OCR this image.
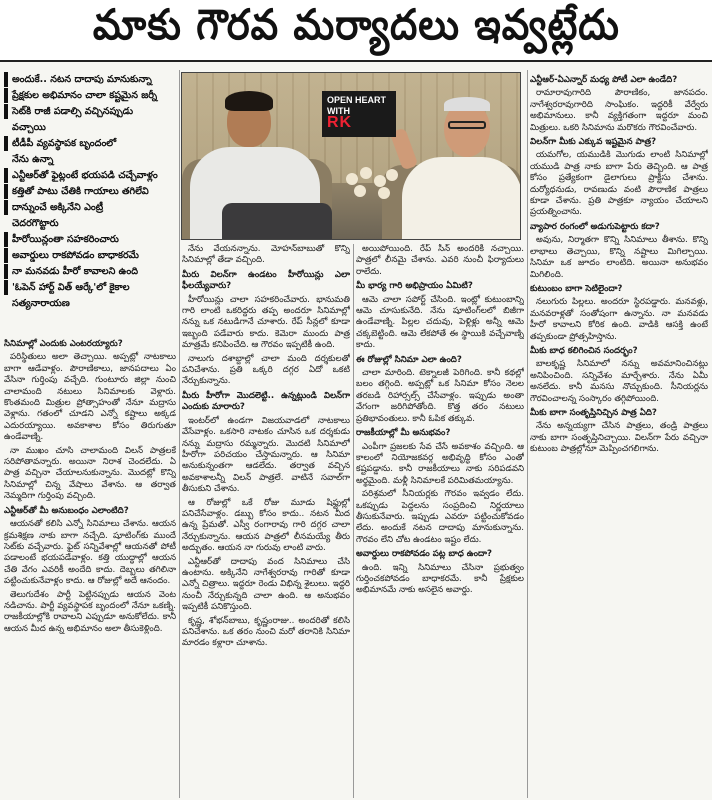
మాకు గౌరవ మర్యాదలు ఇవ్వట్లేదు
అందుకే.. నటన దాదాపు మానుకున్నా
ప్రేక్షకుల అభిమానం చాలా కష్టమైన జర్నీ
సెట్‌కి రాజీ పడాల్సి వచ్చినప్పుడు
వచ్చాయి
టీడీపీ వ్యవస్థాపక బృందంలో
నేను ఉన్నా
ఎన్టీఆర్‌తో ఫైట్లంటే భయపడి చచ్చేవాళ్లం
కత్తితో పాటు చేతికి గాయాలు తగిలేవి
దాన్నుంచే అక్కినేని ఎంట్రీ
చెదరగొట్టారు
హీరోయిన్లంతా సహకరించారు
అవార్డులు రాకపోవడం బాధాకరమే
నా మనవడు హీరో కావాలని ఉంది
'ఓపెన్ హార్ట్ విత్ ఆర్కే'లో కైకాల
సత్యనారాయణ
OPEN HEART
WITH
RK

సినిమాల్లో ఎందుకు ఎంటరయ్యారు?

పరిస్థితులు అలా తెచ్చాయి. అప్పట్లో నాటకాలు బాగా ఆడేవాళ్లం. పౌరాణికాలు, జానపదాలు ఏం వేసినా గుర్తింపు వచ్చేది. గుంటూరు జిల్లా నుంచి చాలామంది నటులు సినిమాలకు వెళ్లారు. కొంతమంది మిత్రుల ప్రోత్సాహంతో నేనూ మద్రాసు వెళ్లాను. గతంలో చూడని ఎన్నో కష్టాలు అక్కడ ఎదురయ్యాయి. అవకాశాల కోసం తిరుగుతూ ఉండేవాణ్ని.

నా ముఖం చూసి చాలామంది విలన్ పాత్రలకే సరిపోతావన్నారు. అయినా నిరాశ చెందలేదు. ఏ పాత్ర వచ్చినా చేయాలనుకున్నాను. మొదట్లో కొన్ని సినిమాల్లో చిన్న వేషాలు వేశాను. ఆ తర్వాత నెమ్మదిగా గుర్తింపు వచ్చింది.

ఎన్టీఆర్‌తో మీ అనుబంధం ఎలాంటిది?

ఆయనతో కలిసి ఎన్నో సినిమాలు చేశాను. ఆయన క్రమశిక్షణ నాకు బాగా నచ్చేది. షూటింగ్‌కు ముందే సెట్‌కు వచ్చేవారు. ఫైట్ సన్నివేశాల్లో ఆయనతో పోటీ పడాలంటే భయపడేవాళ్లం. కత్తి యుద్ధాల్లో ఆయన చేతి వేగం ఎవరికీ అందేది కాదు. దెబ్బలు తగిలినా పట్టించుకునేవాళ్లం కాదు. ఆ రోజుల్లో అదే ఆనందం.

తెలుగుదేశం పార్టీ పెట్టినప్పుడు ఆయన వెంట నడిచాను. పార్టీ వ్యవస్థాపక బృందంలో నేనూ ఒకణ్ని. రాజకీయాల్లోకి రావాలని ఎప్పుడూ అనుకోలేదు. కానీ ఆయన మీద ఉన్న అభిమానం అలా తీసుకెళ్లింది.

నేను వేయనన్నాను. మోహన్‌బాబుతో కొన్ని సినిమాల్లో తేడా వచ్చింది.

మీరు విలన్‌గా ఉండటం హీరోయిన్లు ఎలా ఫీలయ్యేవారు?

హీరోయిన్లు చాలా సహకరించేవారు. భానుమతి గారి లాంటి ఒకరిద్దరు తప్ప అందరూ సినిమాల్లో నన్ను ఒక నటుడిగానే చూశారు. రేప్ సీన్లలో కూడా ఇబ్బంది పడేవారు కాదు. కెమెరా ముందు పాత్ర మాత్రమే కనిపించేది. ఆ గౌరవం ఇప్పటికీ ఉంది.

నాలుగు దశాబ్దాల్లో చాలా మంది దర్శకులతో పనిచేశాను. ప్రతి ఒక్కరి దగ్గర ఏదో ఒకటి నేర్చుకున్నాను.

మీరు హీరోగా మొదలెట్టి.. ఉన్నట్లుండి విలన్‌గా ఎందుకు మారారు?

ఇంటర్‌లో ఉండగా విజయవాడలో నాటకాలు వేసేవాళ్లం. ఒకసారి నాటకం చూసిన ఒక దర్శకుడు నన్ను మద్రాసు రమ్మన్నారు. మొదటి సినిమాలో హీరోగా పరిచయం చేస్తామన్నారు. ఆ సినిమా అనుకున్నంతగా ఆడలేదు. తర్వాత వచ్చిన అవకాశాలన్నీ విలన్ పాత్రలే. వాటినే సవాల్‌గా తీసుకుని చేశాను.

ఆ రోజుల్లో ఒకే రోజు మూడు షిఫ్టుల్లో పనిచేసేవాళ్లం. డబ్బు కోసం కాదు.. నటన మీద ఉన్న ప్రేమతో. ఎస్వీ రంగారావు గారి దగ్గర చాలా నేర్చుకున్నాను. ఆయన పాత్రలో లీనమయ్యే తీరు అద్భుతం. ఆయన నా గురువు లాంటి వారు.

ఎన్టీఆర్‌తో దాదాపు వంద సినిమాలు చేసి ఉంటాను. అక్కినేని నాగేశ్వరరావు గారితో కూడా ఎన్నో చిత్రాలు. ఇద్దరూ రెండు విభిన్న శైలులు. ఇద్దరి నుంచీ నేర్చుకున్నది చాలా ఉంది. ఆ అనుభవం ఇప్పటికీ పనికొస్తుంది.

కృష్ణ, శోభన్‌బాబు, కృష్ణంరాజు.. అందరితో కలిసి పనిచేశాను. ఒక తరం నుంచి మరో తరానికి సినిమా మారడం కళ్లారా చూశాను.

అయిపోయింది. రేప్ సీన్ అందరికీ నచ్చాయి. పాత్రలో లీనమై చేశాను. ఎవరి నుంచీ ఫిర్యాదులు రాలేదు.

మీ భార్య గారి అభిప్రాయం ఏమిటి?

ఆమె చాలా సపోర్ట్ చేసింది. ఇంట్లో కుటుంబాన్ని ఆమె చూసుకునేది. నేను షూటింగ్‌లలో బిజీగా ఉండేవాణ్ని. పిల్లల చదువు, పెళ్లిళ్లు అన్నీ ఆమె చక్కబెట్టింది. ఆమె లేకపోతే ఈ స్థాయికి వచ్చేవాణ్ని కాదు.

ఈ రోజుల్లో సినిమా ఎలా ఉంది?

చాలా మారింది. టెక్నాలజీ పెరిగింది. కానీ కథల్లో బలం తగ్గింది. అప్పట్లో ఒక సినిమా కోసం నెలల తరబడి రిహార్సల్స్ చేసేవాళ్లం. ఇప్పుడు అంతా వేగంగా జరిగిపోతోంది. కొత్త తరం నటులు ప్రతిభావంతులు. కానీ ఓపిక తక్కువ.

రాజకీయాల్లో మీ అనుభవం?

ఎంపీగా ప్రజలకు సేవ చేసే అవకాశం వచ్చింది. ఆ కాలంలో నియోజకవర్గ అభివృద్ధి కోసం ఎంతో కష్టపడ్డాను. కానీ రాజకీయాలు నాకు సరిపడవని అర్థమైంది. మళ్లీ సినిమాలకే పరిమితమయ్యాను.

పరిశ్రమలో సీనియర్లకు గౌరవం ఇవ్వడం లేదు. ఒకప్పుడు పెద్దలను సంప్రదించి నిర్ణయాలు తీసుకునేవారు. ఇప్పుడు ఎవరూ పట్టించుకోవడం లేదు. అందుకే నటన దాదాపు మానుకున్నాను. గౌరవం లేని చోట ఉండటం ఇష్టం లేదు.

అవార్డులు రాకపోవడం పట్ల బాధ ఉందా?

ఉంది. ఇన్ని సినిమాలు చేసినా ప్రభుత్వం గుర్తించకపోవడం బాధాకరమే. కానీ ప్రేక్షకుల అభిమానమే నాకు అసలైన అవార్డు.

ఎన్టీఆర్-ఏఎన్నార్ మధ్య పోటీ ఎలా ఉండేది?

రామారావుగారిది పౌరాణికం, జానపదం. నాగేశ్వరరావుగారిది సాంఘికం. ఇద్దరికీ వేర్వేరు అభిమానులు. కానీ వ్యక్తిగతంగా ఇద్దరూ మంచి మిత్రులు. ఒకరి సినిమాను మరొకరు గౌరవించేవారు.

విలన్‌గా మీకు ఎక్కువ ఇష్టమైన పాత్ర?

యమగోల, యముడికి మొగుడు లాంటి సినిమాల్లో యముడి పాత్ర నాకు బాగా పేరు తెచ్చింది. ఆ పాత్ర కోసం ప్రత్యేకంగా డైలాగులు ప్రాక్టీసు చేశాను. దుర్యోధనుడు, రావణుడు వంటి పౌరాణిక పాత్రలు కూడా చేశాను. ప్రతి పాత్రకూ న్యాయం చేయాలని ప్రయత్నించాను.

వ్యాపార రంగంలో అడుగుపెట్టారు కదా?

అవును, నిర్మాతగా కొన్ని సినిమాలు తీశాను. కొన్ని లాభాలు తెచ్చాయి, కొన్ని నష్టాలు మిగిల్చాయి. సినిమా ఒక జూదం లాంటిది. అయినా అనుభవం మిగిలింది.

కుటుంబం బాగా సెటిలైందా?

నలుగురు పిల్లలు. అందరూ స్థిరపడ్డారు. మనవళ్లు, మనవరాళ్లతో సంతోషంగా ఉన్నాను. నా మనవడు హీరో కావాలని కోరిక ఉంది. వాడికి ఆసక్తి ఉంటే తప్పకుండా ప్రోత్సహిస్తాను.

మీకు బాధ కలిగించిన సందర్భం?

బాలకృష్ణ సినిమాలో నన్ను అవమానించినట్లు అనిపించింది. సన్నివేశం మార్చేశారు. నేను ఏమీ అనలేదు. కానీ మనసు నొచ్చుకుంది. సీనియర్లను గౌరవించాలన్న సంస్కారం తగ్గిపోయింది.

మీకు బాగా సంతృప్తినిచ్చిన పాత్ర ఏది?

నేను అన్నయ్యగా చేసిన పాత్రలు, తండ్రి పాత్రలు నాకు బాగా సంతృప్తినిచ్చాయి. విలన్‌గా పేరు వచ్చినా కుటుంబ పాత్రల్లోనూ మెప్పించగలిగాను.
